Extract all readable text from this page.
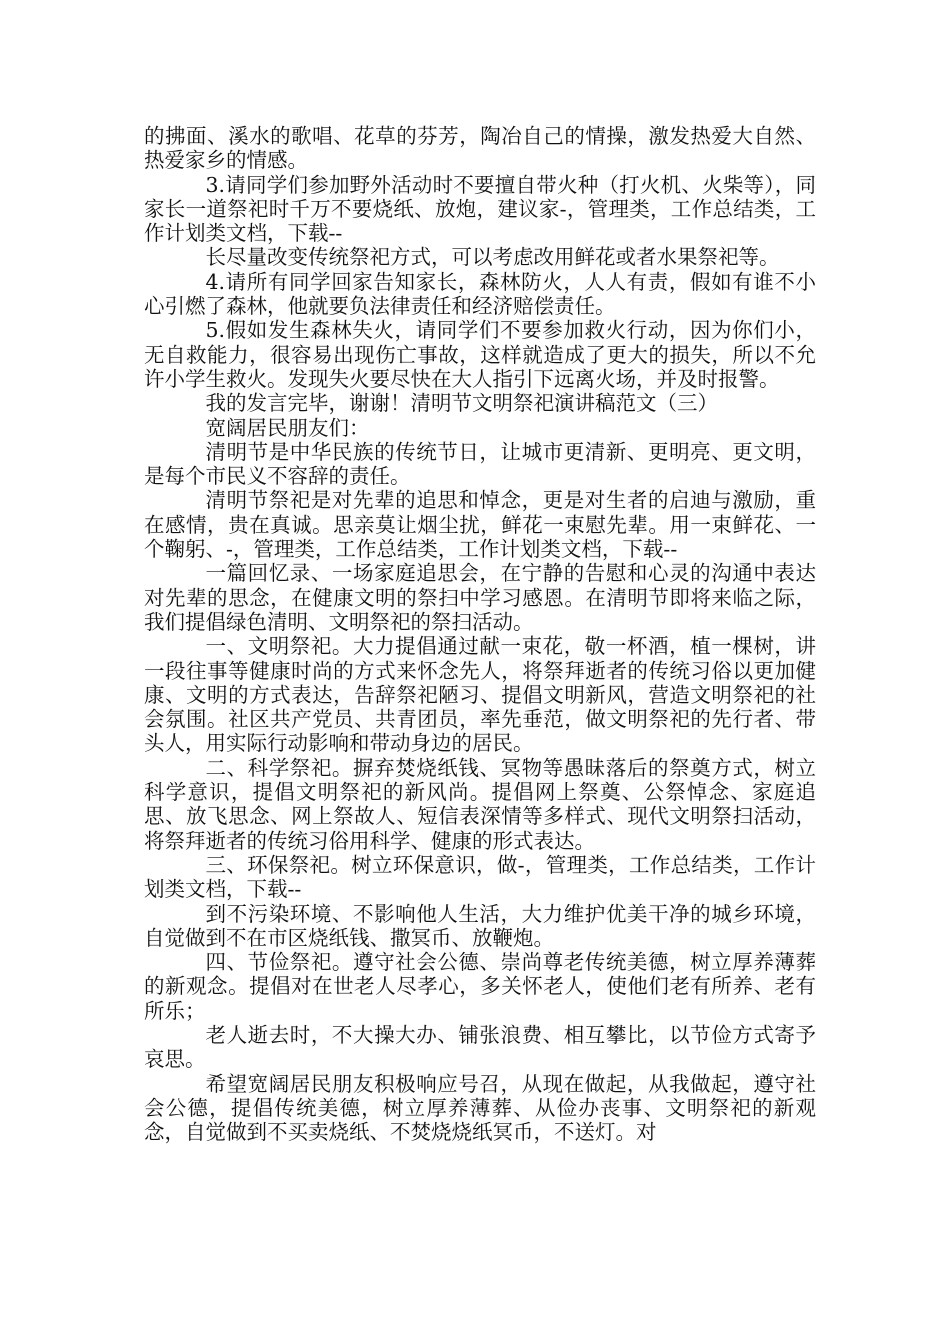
的拂面、溪水的歌唱、花草的芬芳，陶冶自己的情操，激发热爱大自然、热爱家乡的情感。

3.请同学们参加野外活动时不要擅自带火种（打火机、火柴等），同家长一道祭祀时千万不要烧纸、放炮，建议家-，管理类，工作总结类，工作计划类文档，下载--

长尽量改变传统祭祀方式，可以考虑改用鲜花或者水果祭祀等。

4.请所有同学回家告知家长，森林防火，人人有责，假如有谁不小心引燃了森林，他就要负法律责任和经济赔偿责任。

5.假如发生森林失火，请同学们不要参加救火行动，因为你们小，无自救能力，很容易出现伤亡事故，这样就造成了更大的损失，所以不允许小学生救火。发现失火要尽快在大人指引下远离火场，并及时报警。

我的发言完毕，谢谢！清明节文明祭祀演讲稿范文（三）

宽阔居民朋友们：

清明节是中华民族的传统节日，让城市更清新、更明亮、更文明，是每个市民义不容辞的责任。

清明节祭祀是对先辈的追思和悼念，更是对生者的启迪与激励，重在感情，贵在真诚。思亲莫让烟尘扰，鲜花一束慰先辈。用一束鲜花、一个鞠躬、-，管理类，工作总结类，工作计划类文档，下载--

一篇回忆录、一场家庭追思会，在宁静的告慰和心灵的沟通中表达对先辈的思念，在健康文明的祭扫中学习感恩。在清明节即将来临之际，我们提倡绿色清明、文明祭祀的祭扫活动。

一、文明祭祀。大力提倡通过献一束花，敬一杯酒，植一棵树，讲一段往事等健康时尚的方式来怀念先人，将祭拜逝者的传统习俗以更加健康、文明的方式表达，告辞祭祀陋习、提倡文明新风，营造文明祭祀的社会氛围。社区共产党员、共青团员，率先垂范，做文明祭祀的先行者、带头人，用实际行动影响和带动身边的居民。

二、科学祭祀。摒弃焚烧纸钱、冥物等愚昧落后的祭奠方式，树立科学意识，提倡文明祭祀的新风尚。提倡网上祭奠、公祭悼念、家庭追思、放飞思念、网上祭故人、短信表深情等多样式、现代文明祭扫活动，将祭拜逝者的传统习俗用科学、健康的形式表达。

三、环保祭祀。树立环保意识，做-，管理类，工作总结类，工作计划类文档，下载--

到不污染环境、不影响他人生活，大力维护优美干净的城乡环境，自觉做到不在市区烧纸钱、撒冥币、放鞭炮。

四、节俭祭祀。遵守社会公德、崇尚尊老传统美德，树立厚养薄葬的新观念。提倡对在世老人尽孝心，多关怀老人，使他们老有所养、老有所乐；

老人逝去时，不大操大办、铺张浪费、相互攀比，以节俭方式寄予哀思。

希望宽阔居民朋友积极响应号召，从现在做起，从我做起，遵守社会公德，提倡传统美德，树立厚养薄葬、从俭办丧事、文明祭祀的新观念，自觉做到不买卖烧纸、不焚烧烧纸冥币，不送灯。对
